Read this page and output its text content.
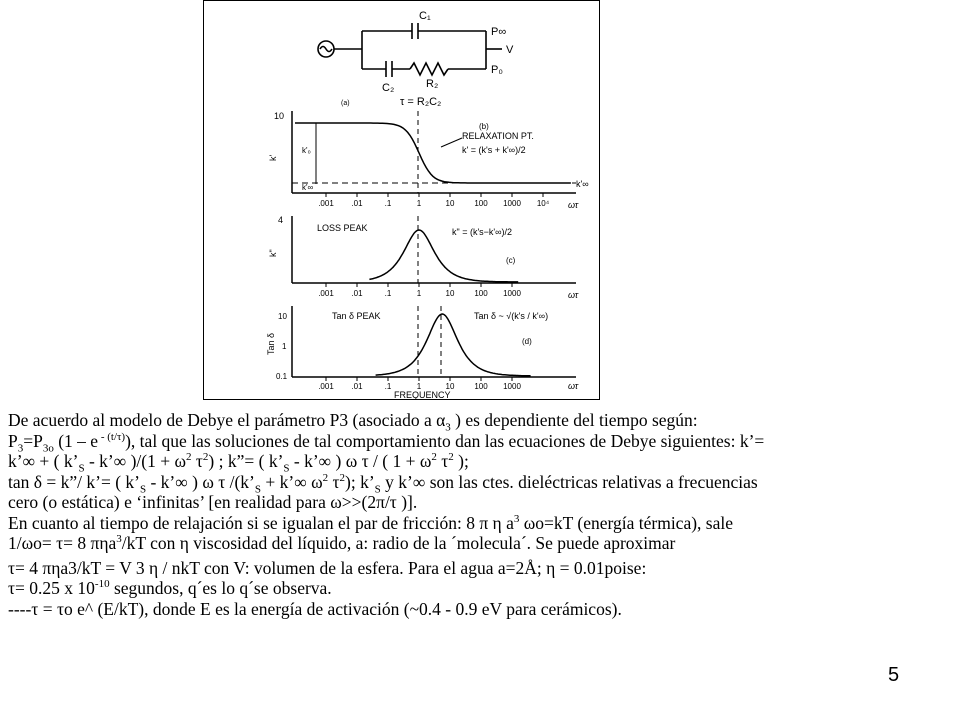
C₁
C₂	R₂
P∞
V
P₀
τ = R₂C₂
(a)
10
k'
k'₀
k'∞
RELAXATION PT.
k' = (k's + k'∞)/2
(b)
k'∞
.001 .01	.1	1	10 100 1000 10⁴ ωτ
4
k"
LOSS PEAK	k" = (k's−k'∞)/2
(c)
.001 .01	.1	1	10 100 1000	ωτ
Tan δ
10
1
0.1
Tan δ PEAK	Tan δ ~ √(k's / k'∞)
(d)
.001 .01	.1	1	10 100 1000	ωτ
FREQUENCY

De acuerdo al modelo de Debye el parámetro P3 (asociado a $\alpha_3$ ) es dependiente del tiempo según:

$P_3=P_{3o}$ (1 – e $^{- (t/\tau)}$), tal que las soluciones de tal comportamiento dan las ecuaciones de Debye siguientes: k’=

k’∞ + ( $k’_S$ - k’∞ )$/(1 + \omega^2$ $\tau^2$) ; k”= ( $k’_S$ - k’∞ ) ω τ / ( $1 + \omega^2$ $\tau^2$ );

tan δ = k”/ k’= ( $k’_S$ - k’∞ ) ω τ $/(k’_S$ + k’∞ $\omega^2$ $\tau^2$); $k’_S$ y k’∞ son las ctes. dieléctricas relativas a frecuencias

cero (o estática) e ‘infinitas’ [en realidad para ω>>(2π/τ )].

En cuanto al tiempo de relajación si se igualan el par de fricción: 8 π η $a^3$ ωo=kT (energía térmica), sale

1/ωo= τ= 8 πηa$^3$/kT con η viscosidad del líquido, a: radio de la ´molecula´. Se puede aproximar

τ= 4 πηa3/kT = V 3 η / nkT con V: volumen de la esfera. Para el agua a=2Å; η = 0.01poise:

τ= 0.25 x $10^{-10}$ segundos, q´es lo q´se observa.

----τ = τo e^ (E/kT), donde E es la energía de activación (~0.4 - 0.9 eV para cerámicos).

5
